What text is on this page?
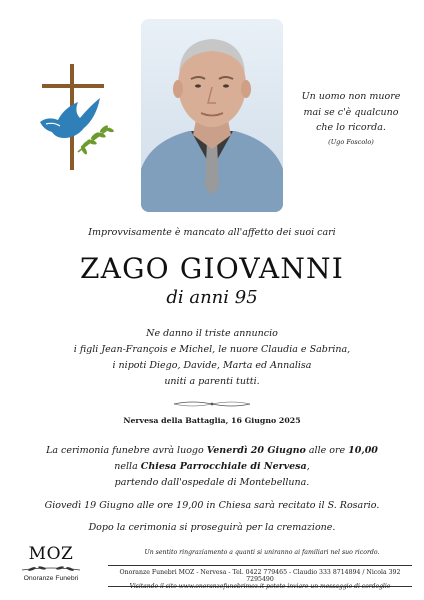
Un uomo non muore
mai se c'è qualcuno
che lo ricorda.
(Ugo Foscolo)
Improvvisamente è mancato all'affetto dei suoi cari
ZAGO GIOVANNI
di anni 95
Ne danno il triste annuncio
i figli Jean-François e Michel, le nuore Claudia e Sabrina,
i nipoti Diego, Davide, Marta ed Annalisa
uniti a parenti tutti.
Nervesa della Battaglia, 16 Giugno 2025
La cerimonia funebre avrà luogo Venerdì 20 Giugno alle ore 10,00
nella Chiesa Parrocchiale di Nervesa,
partendo dall'ospedale di Montebelluna.
Giovedì 19 Giugno alle ore 19,00 in Chiesa sarà recitato il S. Rosario.
Dopo la cerimonia si proseguirà per la cremazione.
MOZ
Onoranze Funebri
Un sentito ringraziamento a quanti si uniranno ai familiari nel suo ricordo.
Onoranze Funebri MOZ - Nervesa - Tel. 0422 779465 - Claudio 333 8714894 / Nicola 392 7295490
Visitando il sito www.onoranzefunebrimoz.it potete inviare un messaggio di cordoglio
